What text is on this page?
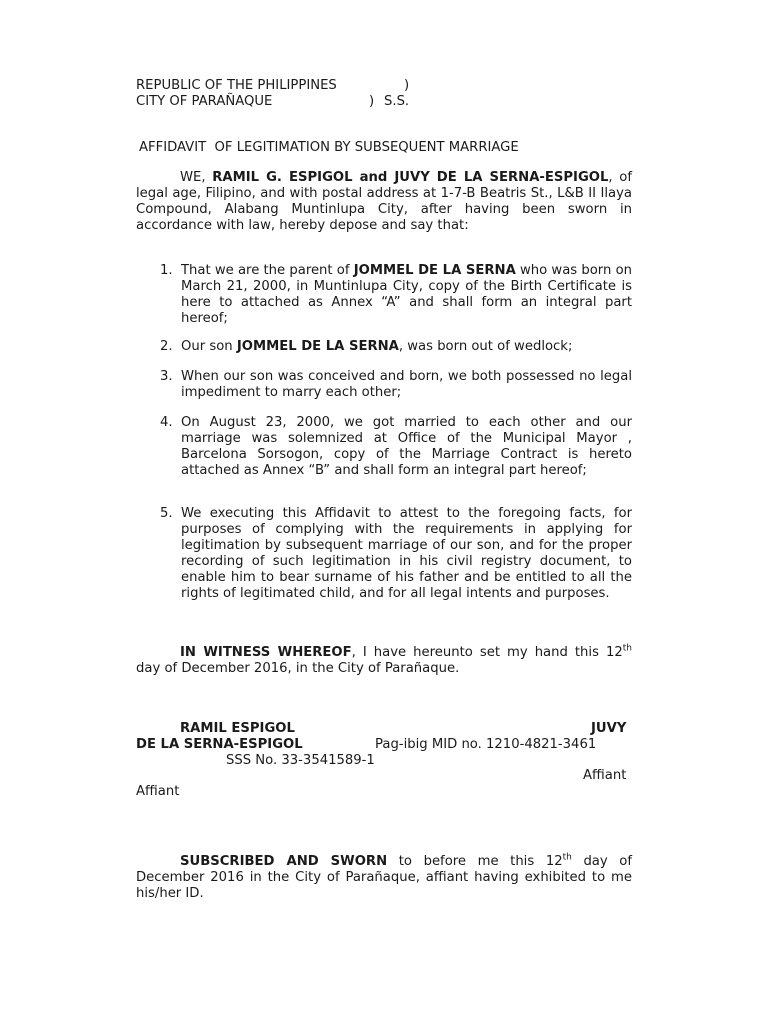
REPUBLIC OF THE PHILIPPINES	)
CITY OF PARAÑAQUE	) S.S.
AFFIDAVIT  OF LEGITIMATION BY SUBSEQUENT MARRIAGE
WE, RAMIL G. ESPIGOL and JUVY DE LA SERNA-ESPIGOL, of legal age, Filipino, and with postal address at 1-7-B Beatris St., L&B II Ilaya Compound, Alabang Muntinlupa City, after having been sworn in accordance with law, hereby depose and say that:
1. That we are the parent of JOMMEL DE LA SERNA who was born on March 21, 2000, in Muntinlupa City, copy of the Birth Certificate is here to attached as Annex “A” and shall form an integral part hereof;
2. Our son JOMMEL DE LA SERNA, was born out of wedlock;
3. When our son was conceived and born, we both possessed no legal impediment to marry each other;
4. On August 23, 2000, we got married to each other and our marriage was solemnized at Office of the Municipal Mayor , Barcelona Sorsogon, copy of the Marriage Contract is hereto attached as Annex “B” and shall form an integral part hereof;
5. We executing this Affidavit to attest to the foregoing facts, for purposes of complying with the requirements in applying for legitimation by subsequent marriage of our son, and for the proper recording of such legitimation in his civil registry document, to enable him to bear surname of his father and be entitled to all the rights of legitimated child, and for all legal intents and purposes.
IN WITNESS WHEREOF, I have hereunto set my hand this 12th day of December 2016, in the City of Parañaque.
RAMIL ESPIGOL	JUVY
DE LA SERNA-ESPIGOL	Pag-ibig MID no. 1210-4821-3461
SSS No. 33-3541589-1
Affiant
Affiant
SUBSCRIBED AND SWORN to before me this 12th day of December 2016 in the City of Parañaque, affiant having exhibited to me his/her ID.
